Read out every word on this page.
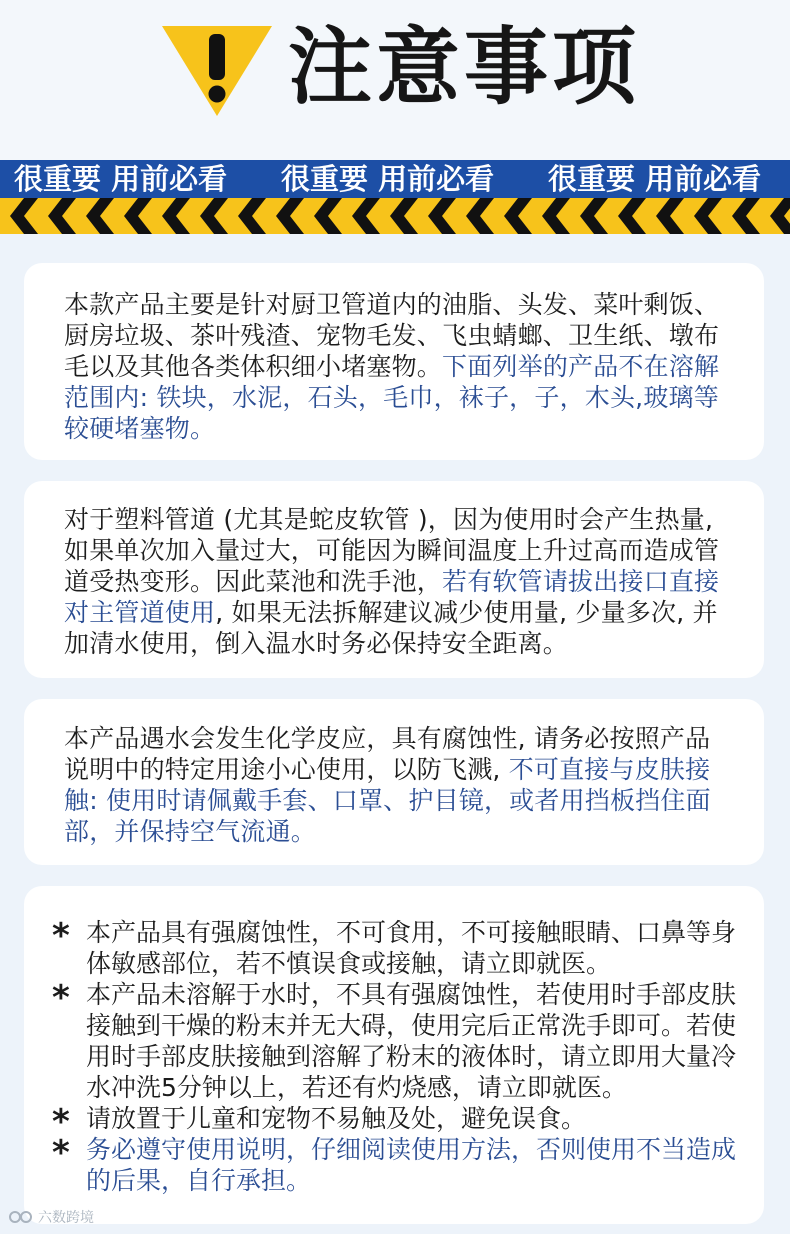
注意事项
很重要 用前必看 很重要 用前必看 很重要 用前必看

本款产品主要是针对厨卫管道内的油脂、头发、菜叶剩饭、厨房垃圾、茶叶残渣、宠物毛发、飞虫蜻螂、卫生纸、墩布毛以及其他各类体积细小堵塞物。下面列举的产品不在溶解范围内: 铁块，水泥，石头，毛巾，袜子，子，木头,玻璃等较硬堵塞物。

对于塑料管道 (尤其是蛇皮软管 )，因为使用时会产生热量, 如果单次加入量过大，可能因为瞬间温度上升过高而造成管道受热变形。因此菜池和洗手池，若有软管请拔出接口直接对主管道使用, 如果无法拆解建议减少使用量, 少量多次, 并加清水使用，倒入温水时务必保持安全距离。

本产品遇水会发生化学皮应，具有腐蚀性, 请务必按照产品说明中的特定用途小心使用，以防飞溅, 不可直接与皮肤接触: 使用时请佩戴手套、口罩、护目镜，或者用挡板挡住面部，并保持空气流通。

* 本产品具有强腐蚀性，不可食用，不可接触眼睛、口鼻等身体敏感部位，若不慎误食或接触，请立即就医。
* 本产品未溶解于水时，不具有强腐蚀性，若使用时手部皮肤接触到干燥的粉末并无大碍，使用完后正常洗手即可。若使用时手部皮肤接触到溶解了粉末的液体时，请立即用大量冷水冲洗5分钟以上，若还有灼烧感，请立即就医。
* 请放置于儿童和宠物不易触及处，避免误食。
* 务必遵守使用说明，仔细阅读使用方法，否则使用不当造成的后果，自行承担。
六数跨境
